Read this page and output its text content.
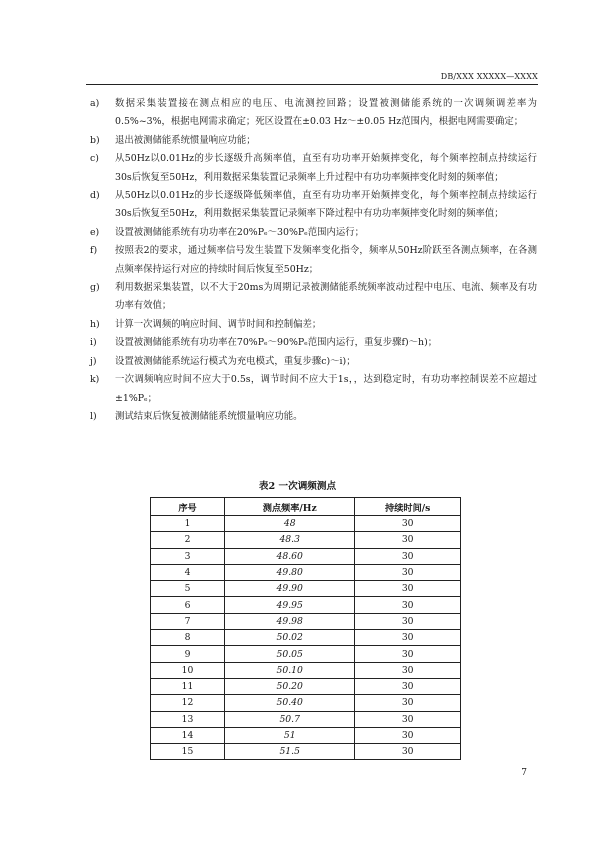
DB/XXX XXXXX—XXXX
a) 数据采集装置接在测点相应的电压、电流测控回路；设置被测储能系统的一次调频调差率为0.5%~3%，根据电网需求确定；死区设置在±0.03 Hz～±0.05 Hz范围内，根据电网需要确定；
b) 退出被测储能系统惯量响应功能；
c) 从50Hz以0.01Hz的步长逐级升高频率值，直至有功功率开始频摔变化，每个频率控制点持续运行30s后恢复至50Hz，利用数据采集装置记录频率上升过程中有功功率频摔变化时刻的频率值；
d) 从50Hz以0.01Hz的步长逐级降低频率值，直至有功功率开始频摔变化，每个频率控制点持续运行30s后恢复至50Hz，利用数据采集装置记录频率下降过程中有功功率频摔变化时刻的频率值；
e) 设置被测储能系统有功功率在20%Pₑ～30%Pₑ范围内运行；
f) 按照表2的要求，通过频率信号发生装置下发频率变化指令，频率从50Hz阶跃至各测点频率，在各测点频率保持运行对应的持续时间后恢复至50Hz；
g) 利用数据采集装置，以不大于20ms为周期记录被测储能系统频率波动过程中电压、电流、频率及有功功率有效值；
h) 计算一次调频的响应时间、调节时间和控制偏差；
i) 设置被测储能系统有功功率在70%Pₑ～90%Pₑ范围内运行，重复步骤f)～h)；
j) 设置被测储能系统运行模式为充电模式，重复步骤c)～i)；
k) 一次调频响应时间不应大于0.5s，调节时间不应大于1s，，达到稳定时，有功功率控制误差不应超过±1%Pₑ；
l) 测试结束后恢复被测储能系统惯量响应功能。
表2 一次调频测点
序号	测点频率/Hz	持续时间/s
1	48	30
2	48.3	30
3	48.60	30
4	49.80	30
5	49.90	30
6	49.95	30
7	49.98	30
8	50.02	30
9	50.05	30
10	50.10	30
11	50.20	30
12	50.40	30
13	50.7	30
14	51	30
15	51.5	30
7
